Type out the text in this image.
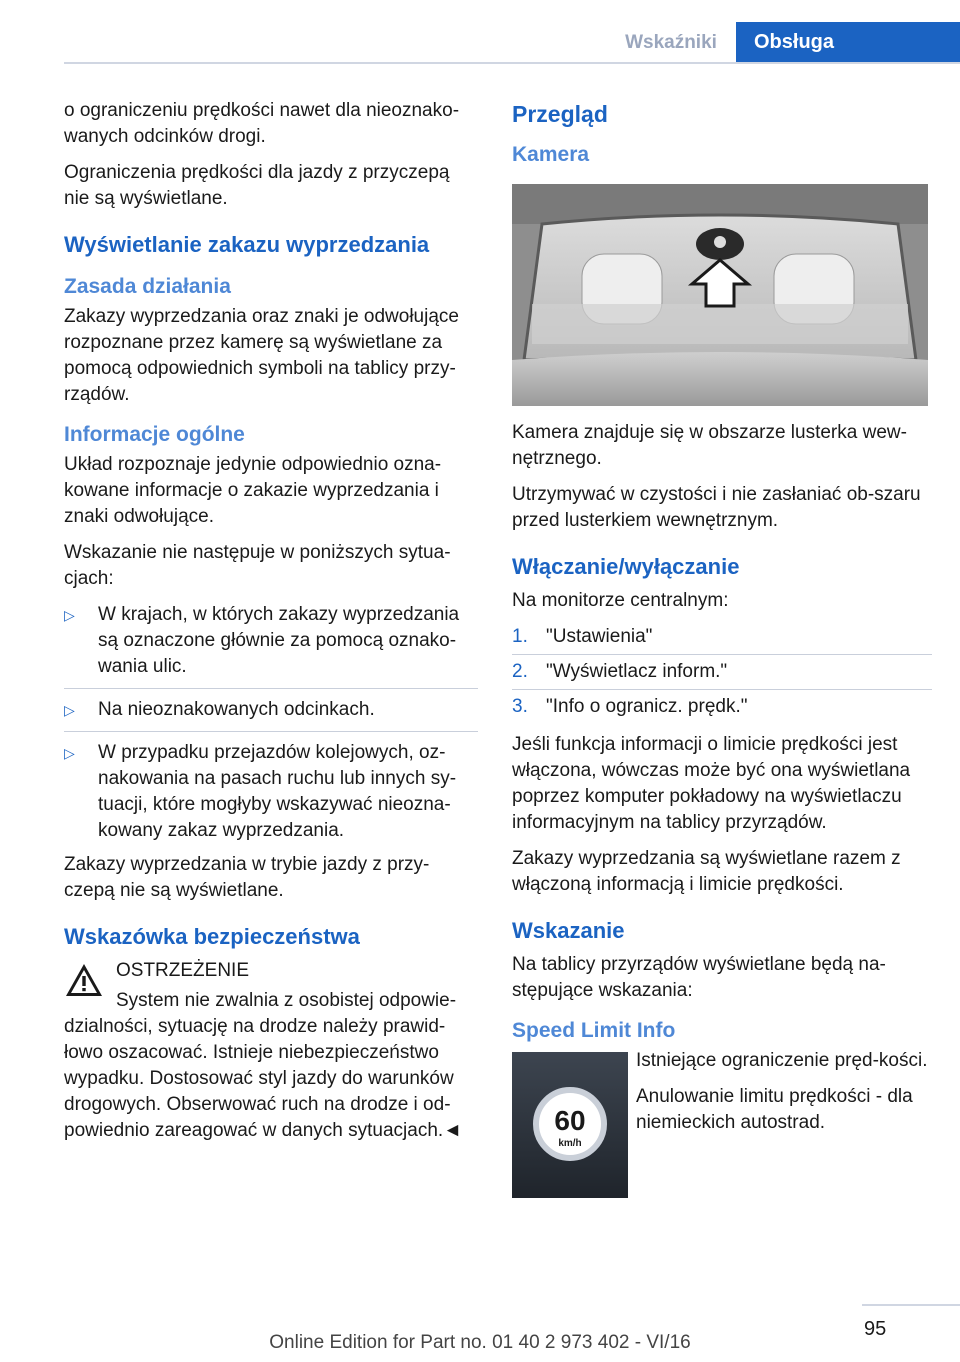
Wskaźniki	Obsługa

o ograniczeniu prędkości nawet dla nieoznako-wanych odcinków drogi.

Ograniczenia prędkości dla jazdy z przyczepą nie są wyświetlane.

Wyświetlanie zakazu wyprzedzania
Zasada działania

Zakazy wyprzedzania oraz znaki je odwołujące rozpoznane przez kamerę są wyświetlane za pomocą odpowiednich symboli na tablicy przy-rządów.

Informacje ogólne

Układ rozpoznaje jedynie odpowiednio ozna-kowane informacje o zakazie wyprzedzania i znaki odwołujące.

Wskazanie nie następuje w poniższych sytua-cjach:

▷ W krajach, w których zakazy wyprzedzania są oznaczone głównie za pomocą oznako-wania ulic.
▷ Na nieoznakowanych odcinkach.
▷ W przypadku przejazdów kolejowych, oz-nakowania na pasach ruchu lub innych sy-tuacji, które mogłyby wskazywać nieozna-kowany zakaz wyprzedzania.

Zakazy wyprzedzania w trybie jazdy z przy-czepą nie są wyświetlane.

Wskazówka bezpieczeństwa

OSTRZEŻENIE

System nie zwalnia z osobistej odpowie-dzialności, sytuację na drodze należy prawid-łowo oszacować. Istnieje niebezpieczeństwo wypadku. Dostosować styl jazdy do warunków drogowych. Obserwować ruch na drodze i od-powiednio zareagować w danych sytuacjach.◄

Przegląd
Kamera

Kamera znajduje się w obszarze lusterka wew-nętrznego.

Utrzymywać w czystości i nie zasłaniać ob-szaru przed lusterkiem wewnętrznym.

Włączanie/wyłączanie

Na monitorze centralnym:

1. "Ustawienia"
2. "Wyświetlacz inform."
3. "Info o ogranicz. prędk."

Jeśli funkcja informacji o limicie prędkości jest włączona, wówczas może być ona wyświetlana poprzez komputer pokładowy na wyświetlaczu informacyjnym na tablicy przyrządów.

Zakazy wyprzedzania są wyświetlane razem z włączoną informacją i limicie prędkości.

Wskazanie

Na tablicy przyrządów wyświetlane będą na-stępujące wskazania:

Speed Limit Info
60
km/h

Istniejące ograniczenie pręd-kości.

Anulowanie limitu prędkości - dla niemieckich autostrad.

95
Online Edition for Part no. 01 40 2 973 402 - VI/16
